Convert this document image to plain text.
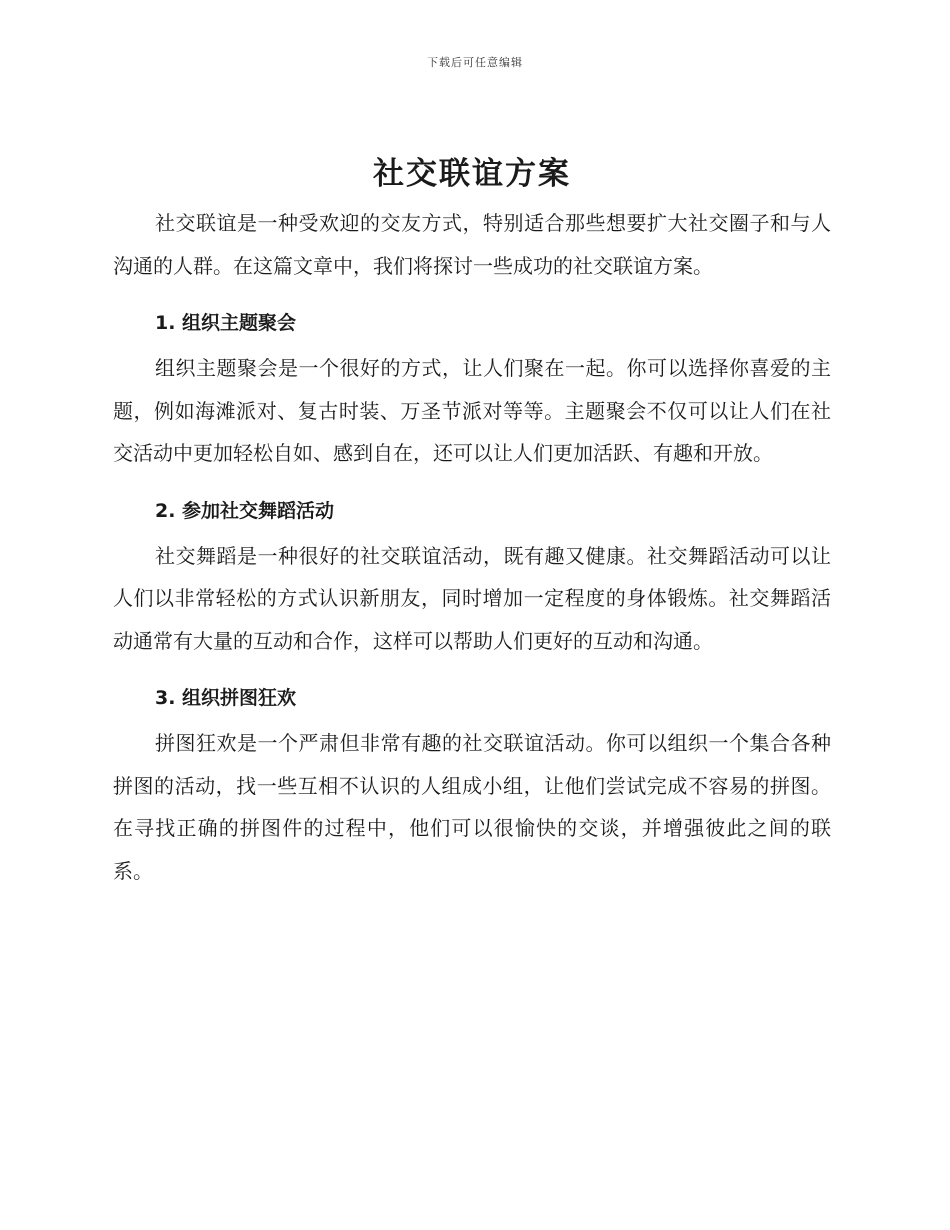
下载后可任意编辑
社交联谊方案

社交联谊是一种受欢迎的交友方式，特别适合那些想要扩大社交圈子和与人沟通的人群。在这篇文章中，我们将探讨一些成功的社交联谊方案。

1. 组织主题聚会

组织主题聚会是一个很好的方式，让人们聚在一起。你可以选择你喜爱的主题，例如海滩派对、复古时装、万圣节派对等等。主题聚会不仅可以让人们在社交活动中更加轻松自如、感到自在，还可以让人们更加活跃、有趣和开放。

2. 参加社交舞蹈活动

社交舞蹈是一种很好的社交联谊活动，既有趣又健康。社交舞蹈活动可以让人们以非常轻松的方式认识新朋友，同时增加一定程度的身体锻炼。社交舞蹈活动通常有大量的互动和合作，这样可以帮助人们更好的互动和沟通。

3. 组织拼图狂欢

拼图狂欢是一个严肃但非常有趣的社交联谊活动。你可以组织一个集合各种拼图的活动，找一些互相不认识的人组成小组，让他们尝试完成不容易的拼图。在寻找正确的拼图件的过程中，他们可以很愉快的交谈，并增强彼此之间的联系。
